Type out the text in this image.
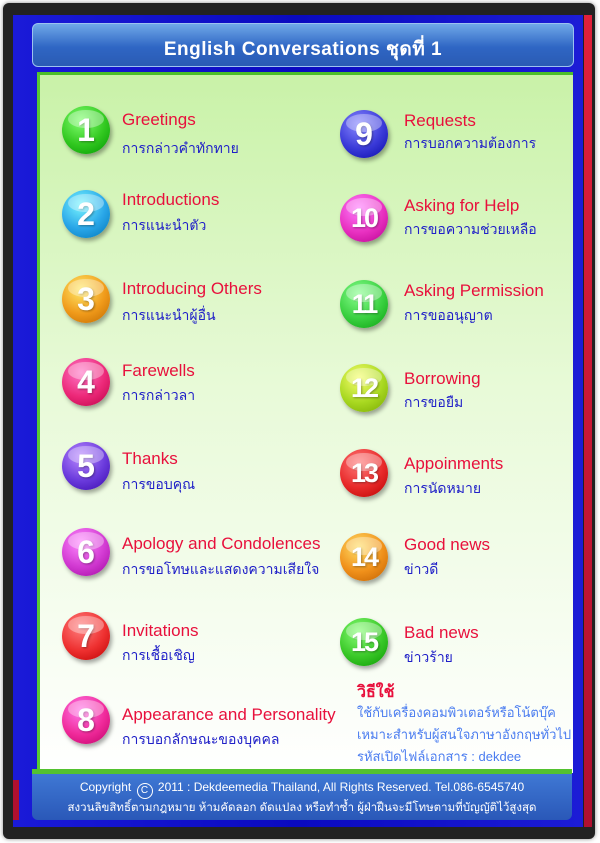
English Conversations ชุดที่ 1
1	Greetings
การกล่าวคำทักทาย
2	Introductions
การแนะนำตัว
3	Introducing Others
การแนะนำผู้อื่น
4	Farewells
การกล่าวลา
5	Thanks
การขอบคุณ
6	Apology and Condolences
การขอโทษและแสดงความเสียใจ
7	Invitations
การเชื้อเชิญ
8	Appearance and Personality
การบอกลักษณะของบุคคล
9	Requests
การบอกความต้องการ
10	Asking for Help
การขอความช่วยเหลือ
11	Asking Permission
การขออนุญาต
12	Borrowing
การขอยืม
13	Appoinments
การนัดหมาย
14	Good news
ข่าวดี
15	Bad news
ข่าวร้าย
วิธีใช้
ใช้กับเครื่องคอมพิวเตอร์หรือโน้ตบุ๊ค
เหมาะสำหรับผู้สนใจภาษาอังกฤษทั่วไป
รหัสเปิดไฟล์เอกสาร : dekdee
Copyright C 2011 : Dekdeemedia Thailand, All Rights Reserved. Tel.086-6545740
สงวนลิขสิทธิ์ตามกฎหมาย ห้ามคัดลอก ดัดแปลง หรือทำซ้ำ ผู้ฝ่าฝืนจะมีโทษตามที่บัญญัติไว้สูงสุด
